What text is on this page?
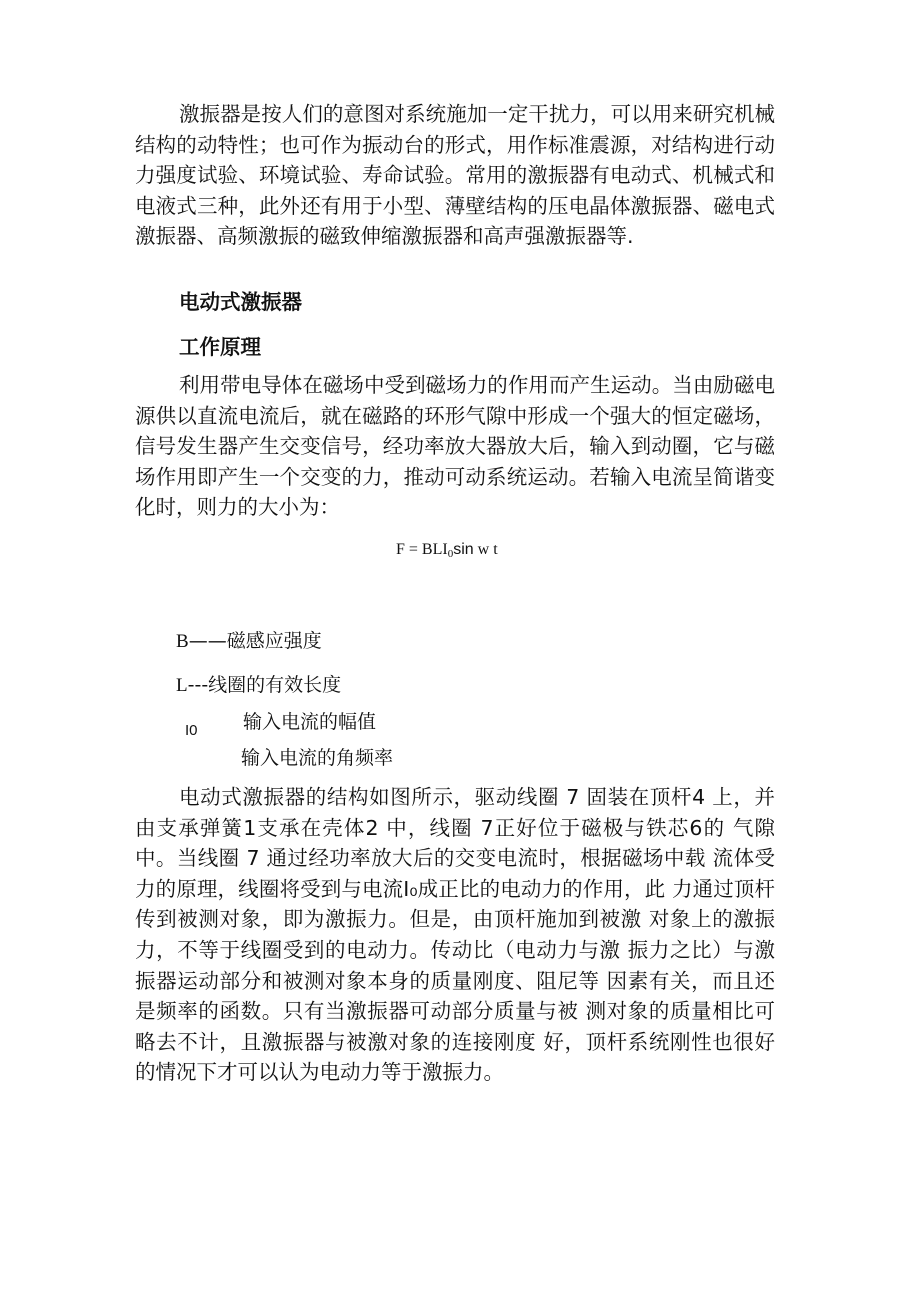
激振器是按人们的意图对系统施加一定干扰力，可以用来研究机械结构的动特性；也可作为振动台的形式，用作标准震源，对结构进行动力强度试验、环境试验、寿命试验。常用的激振器有电动式、机械式和电液式三种，此外还有用于小型、薄壁结构的压电晶体激振器、磁电式激振器、高频激振的磁致伸缩激振器和高声强激振器等.

电动式激振器
工作原理

利用带电导体在磁场中受到磁场力的作用而产生运动。当由励磁电源供以直流电流后，就在磁路的环形气隙中形成一个强大的恒定磁场，信号发生器产生交变信号，经功率放大器放大后，输入到动圈，它与磁场作用即产生一个交变的力，推动可动系统运动。若输入电流呈简谐变化时，则力的大小为：

$F = BLI_0\sin$ w t

B——磁感应强度

L---线圈的有效长度

I0 输入电流的幅值

输入电流的角频率

电动式激振器的结构如图所示，驱动线圈 7 固装在顶杆4 上，并由支承弹簧1支承在壳体2 中，线圈 7正好位于磁极与铁芯6的 气隙中。当线圈 7 通过经功率放大后的交变电流时，根据磁场中载 流体受力的原理，线圈将受到与电流I₀成正比的电动力的作用，此 力通过顶杆传到被测对象，即为激振力。但是，由顶杆施加到被激 对象上的激振力，不等于线圈受到的电动力。传动比（电动力与激 振力之比）与激振器运动部分和被测对象本身的质量刚度、阻尼等 因素有关，而且还是频率的函数。只有当激振器可动部分质量与被 测对象的质量相比可略去不计，且激振器与被激对象的连接刚度 好，顶杆系统刚性也很好的情况下才可以认为电动力等于激振力。
